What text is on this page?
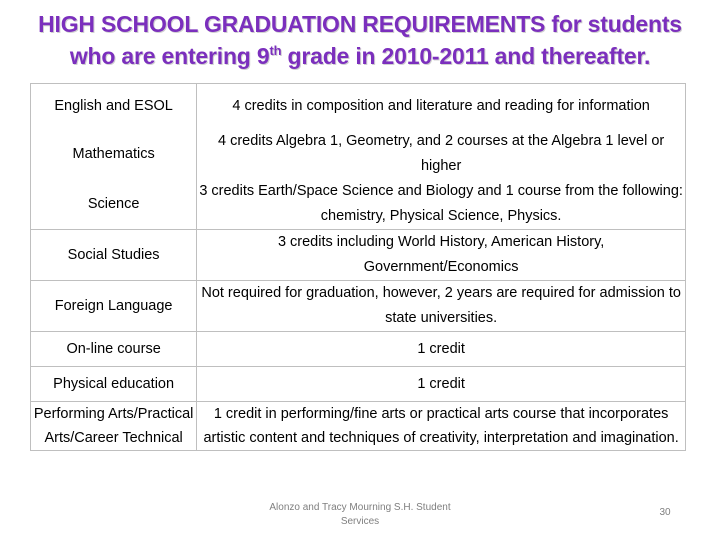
HIGH SCHOOL GRADUATION REQUIREMENTS for students
who are entering 9th grade in 2010-2011 and thereafter.
English and ESOL	4 credits in composition and literature and reading for information
Mathematics	4 credits Algebra 1, Geometry, and 2 courses at the Algebra 1 level or higher
Science	3 credits Earth/Space Science and Biology and 1 course from the following: chemistry, Physical Science, Physics.
Social Studies	3 credits including World History, American History, Government/Economics
Foreign Language	Not required for graduation, however, 2 years are required for admission to state universities.
On-line course	1 credit
Physical education	1 credit
Performing Arts/Practical Arts/Career Technical	1 credit in performing/fine arts or practical arts course that incorporates artistic content and techniques of creativity, interpretation and imagination.
Alonzo and Tracy Mourning S.H. Student Services
30
